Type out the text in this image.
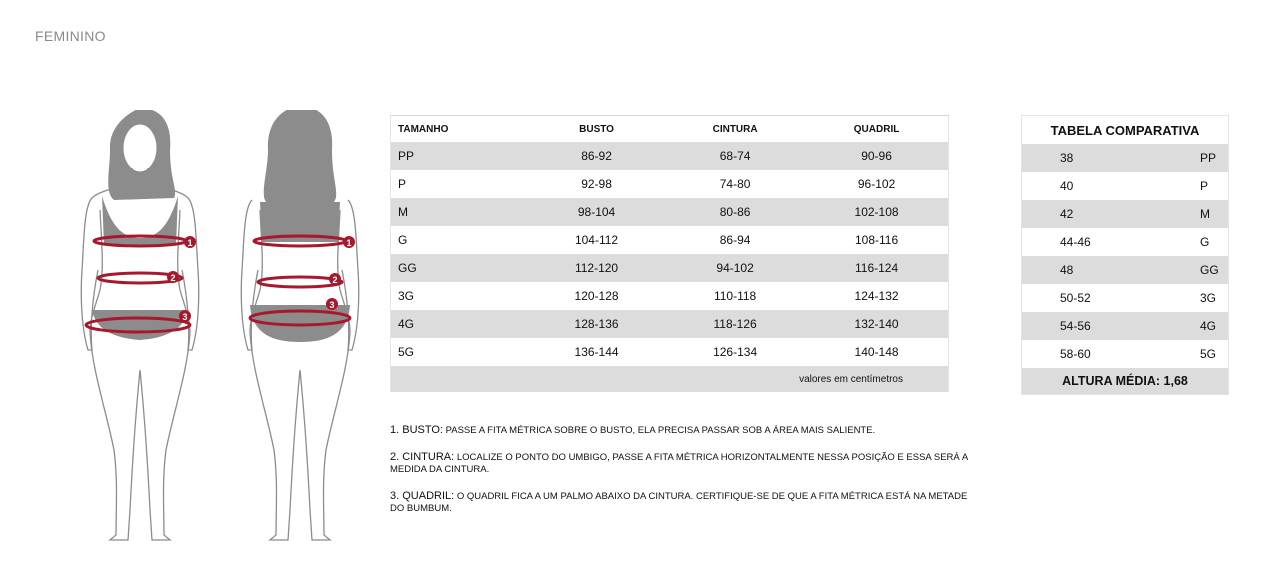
FEMININO
1
2
3
1
2
3
TAMANHO	BUSTO	CINTURA	QUADRIL
PP	86-92	68-74	90-96
P	92-98	74-80	96-102
M	98-104	80-86	102-108
G	104-112	86-94	108-116
GG	112-120	94-102	116-124
3G	120-128	110-118	124-132
4G	128-136	118-126	132-140
5G	136-144	126-134	140-148
valores em centímetros			
TABELA COMPARATIVA	
38	PP
40	P
42	M
44-46	G
48	GG
50-52	3G
54-56	4G
58-60	5G
ALTURA MÉDIA: 1,68	

1. BUSTO: PASSE A FITA MÉTRICA SOBRE O BUSTO, ELA PRECISA PASSAR SOB A ÁREA MAIS SALIENTE.

2. CINTURA: LOCALIZE O PONTO DO UMBIGO, PASSE A FITA MÉTRICA HORIZONTALMENTE NESSA POSIÇÃO E ESSA SERÁ A MEDIDA DA CINTURA.

3. QUADRIL: O QUADRIL FICA A UM PALMO ABAIXO DA CINTURA. CERTIFIQUE-SE DE QUE A FITA MÉTRICA ESTÁ NA METADE DO BUMBUM.
